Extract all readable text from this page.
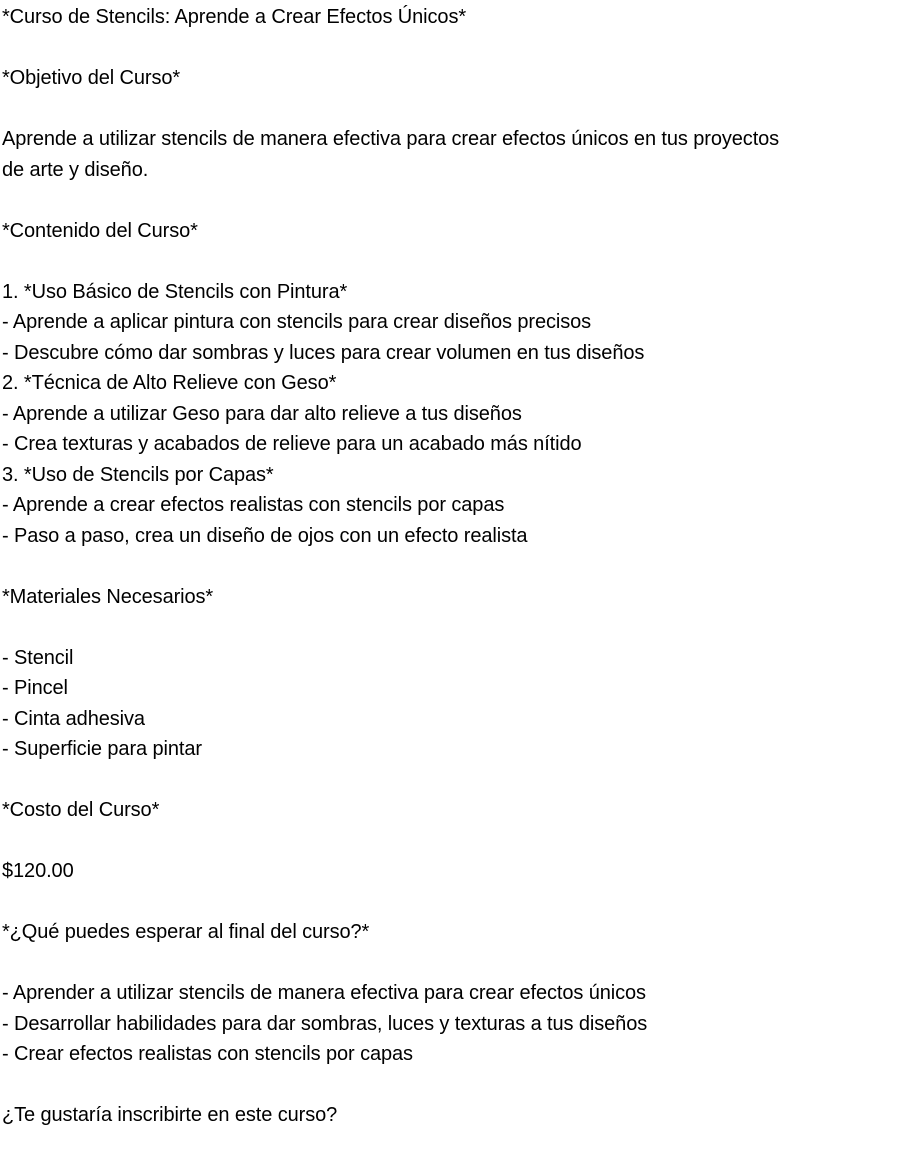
*Curso de Stencils: Aprende a Crear Efectos Únicos*
*Objetivo del Curso*
Aprende a utilizar stencils de manera efectiva para crear efectos únicos en tus proyectos
de arte y diseño.
*Contenido del Curso*
1. *Uso Básico de Stencils con Pintura*
- Aprende a aplicar pintura con stencils para crear diseños precisos
- Descubre cómo dar sombras y luces para crear volumen en tus diseños
2. *Técnica de Alto Relieve con Geso*
- Aprende a utilizar Geso para dar alto relieve a tus diseños
- Crea texturas y acabados de relieve para un acabado más nítido
3. *Uso de Stencils por Capas*
- Aprende a crear efectos realistas con stencils por capas
- Paso a paso, crea un diseño de ojos con un efecto realista
*Materiales Necesarios*
- Stencil
- Pincel
- Cinta adhesiva
- Superficie para pintar
*Costo del Curso*
$120.00
*¿Qué puedes esperar al final del curso?*
- Aprender a utilizar stencils de manera efectiva para crear efectos únicos
- Desarrollar habilidades para dar sombras, luces y texturas a tus diseños
- Crear efectos realistas con stencils por capas
¿Te gustaría inscribirte en este curso?
